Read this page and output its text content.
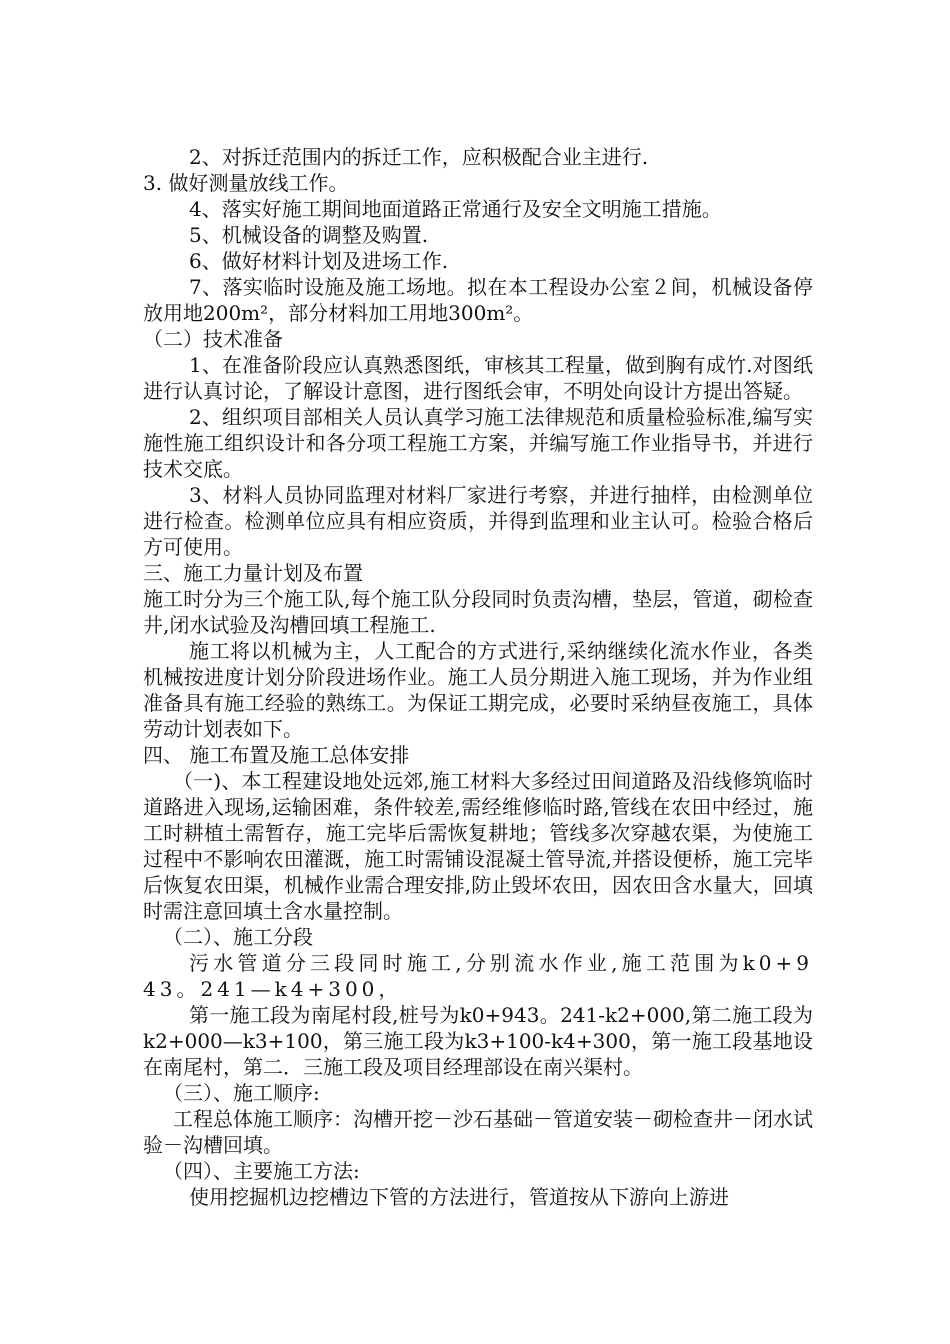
2、对拆迁范围内的拆迁工作，应积极配合业主进行.

3. 做好测量放线工作。

4、落实好施工期间地面道路正常通行及安全文明施工措施。

5、机械设备的调整及购置.

6、做好材料计划及进场工作.

7、落实临时设施及施工场地。拟在本工程设办公室２间，机械设备停放用地200m²，部分材料加工用地300m²。

（二）技术准备

1、在准备阶段应认真熟悉图纸，审核其工程量，做到胸有成竹.对图纸进行认真讨论，了解设计意图，进行图纸会审，不明处向设计方提出答疑。

2、组织项目部相关人员认真学习施工法律规范和质量检验标准,编写实施性施工组织设计和各分项工程施工方案，并编写施工作业指导书，并进行技术交底。

3、材料人员协同监理对材料厂家进行考察，并进行抽样，由检测单位进行检查。检测单位应具有相应资质，并得到监理和业主认可。检验合格后方可使用。

三、施工力量计划及布置

施工时分为三个施工队,每个施工队分段同时负责沟槽，垫层，管道，砌检查井,闭水试验及沟槽回填工程施工.

施工将以机械为主，人工配合的方式进行,采纳继续化流水作业，各类机械按进度计划分阶段进场作业。施工人员分期进入施工现场，并为作业组准备具有施工经验的熟练工。为保证工期完成，必要时采纳昼夜施工，具体劳动计划表如下。

四、 施工布置及施工总体安排

（一)、本工程建设地处远郊,施工材料大多经过田间道路及沿线修筑临时道路进入现场,运输困难，条件较差,需经维修临时路,管线在农田中经过，施工时耕植土需暂存，施工完毕后需恢复耕地；管线多次穿越农渠，为使施工过程中不影响农田灌溉，施工时需铺设混凝土管导流,并搭设便桥，施工完毕后恢复农田渠，机械作业需合理安排,防止毁坏农田，因农田含水量大，回填时需注意回填土含水量控制。

（二）、施工分段

污水管道分三段同时施工,分别流水作业,施工范围为k0+943。241—k4+300，

第一施工段为南尾村段,桩号为k0+943。241-k2+000,第二施工段为k2+000—k3+100，第三施工段为k3+100-k4+300，第一施工段基地设在南尾村，第二．三施工段及项目经理部设在南兴渠村。

（三）、施工顺序:

工程总体施工顺序：沟槽开挖－沙石基础－管道安装－砌检查井－闭水试验－沟槽回填。

（四）、主要施工方法:

使用挖掘机边挖槽边下管的方法进行，管道按从下游向上游进
